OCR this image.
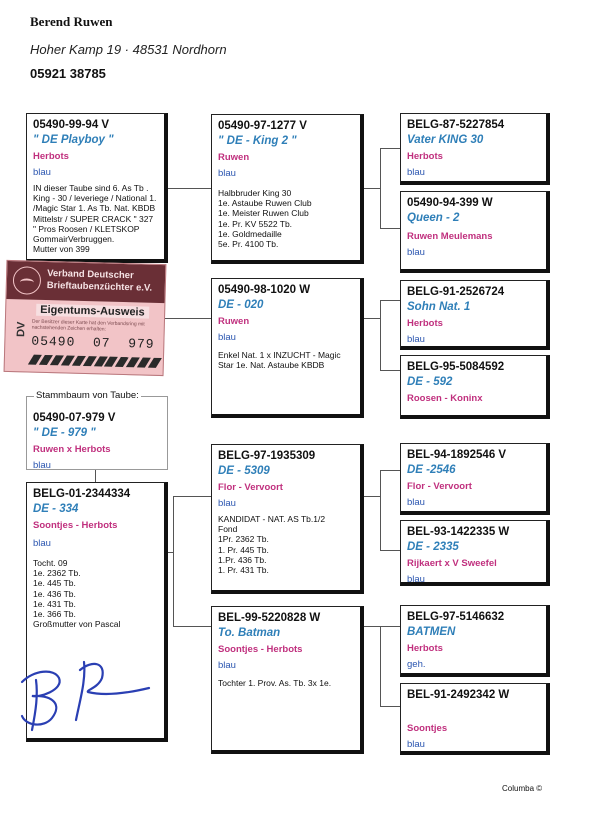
Berend Ruwen
Hoher Kamp 19 · 48531 Nordhorn
05921 38785
05490-99-94 V
" DE Playboy "
Herbots
blau
IN dieser Taube sind 6. As Tb .
King - 30 / leveriege / National 1.
/Magic Star 1. As Tb. Nat. KBDB
Mittelstr / SUPER CRACK " 327
" Pros Roosen / KLETSKOP
GommairVerbruggen.
Mutter von 399
Verband Deutscher
Brieftaubenzüchter e.V.
Eigentums-Ausweis
Der Besitzer dieser Karte hat den Verbandsring mit nachstehenden Zeichen erhalten:
DV
05490  07  979
05490-07-979 V
" DE - 979 "
Ruwen x Herbots
blau
Stammbaum von Taube:
BELG-01-2344334
DE - 334
Soontjes - Herbots
blau
Tocht. 09
1e. 2362 Tb.
1e. 445 Tb.
1e. 436 Tb.
1e. 431 Tb.
1e. 366 Tb.
Großmutter von Pascal
05490-97-1277 V
" DE - King 2 "
Ruwen
blau
Halbbruder King 30
1e. Astaube Ruwen Club
1e. Meister Ruwen Club
1e. Pr. KV 5522 Tb.
1e. Goldmedaille
5e. Pr. 4100 Tb.
05490-98-1020 W
DE - 020
Ruwen
blau
Enkel Nat. 1 x INZUCHT - Magic
Star 1e. Nat. Astaube KBDB
BELG-97-1935309
DE - 5309
Flor - Vervoort
blau
KANDIDAT - NAT. AS Tb.1/2
Fond
1Pr. 2362 Tb.
1. Pr. 445 Tb.
1.Pr. 436 Tb.
1. Pr. 431 Tb.
BEL-99-5220828 W
To. Batman
Soontjes - Herbots
blau
Tochter 1. Prov. As. Tb. 3x 1e.
BELG-87-5227854
Vater KING 30
Herbots
blau
05490-94-399 W
Queen - 2
Ruwen Meulemans
blau
BELG-91-2526724
Sohn Nat. 1
Herbots
blau
BELG-95-5084592
DE - 592
Roosen - Koninx
BEL-94-1892546 V
DE -2546
Flor - Vervoort
blau
BEL-93-1422335 W
DE - 2335
Rijkaert x V Sweefel
blau
BELG-97-5146632
BATMEN
Herbots
geh.
BEL-91-2492342 W
Soontjes
blau
Columba ©
